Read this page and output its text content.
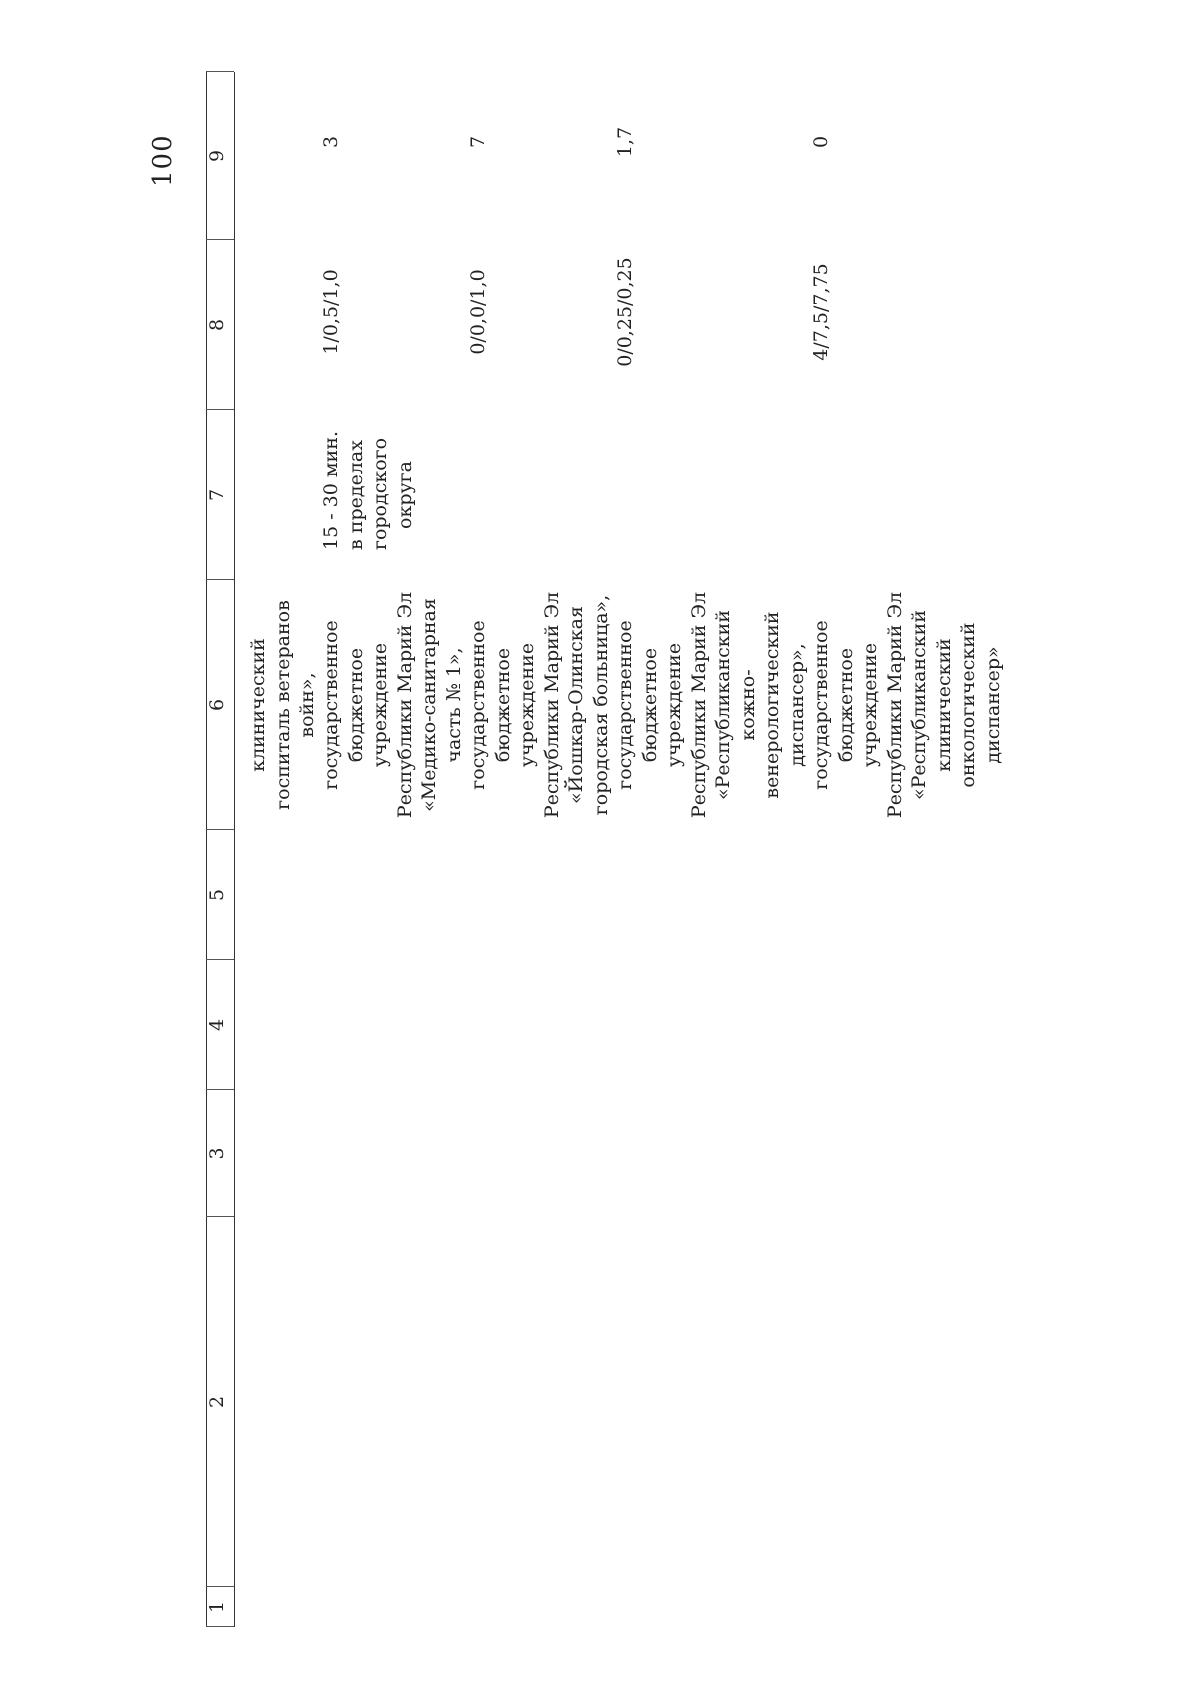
100
1
2
3
4
5
6
7
8
9
клинический госпиталь ветеранов войн», государственное бюджетное учреждение Республики Марий Эл «Медико-санитарная часть № 1»,
15 - 30 мин. в пределах городского округа
1/0,5/1,0
3
государственное бюджетное учреждение Республики Марий Эл «Йошкар-Олинская городская больница»,
0/0,0/1,0
7
государственное бюджетное учреждение Республики Марий Эл «Республиканский кожно- венерологический диспансер»,
0/0,25/0,25
1,7
государственное бюджетное учреждение Республики Марий Эл «Республиканский клинический онкологический диспансер»
4/7,5/7,75
0
